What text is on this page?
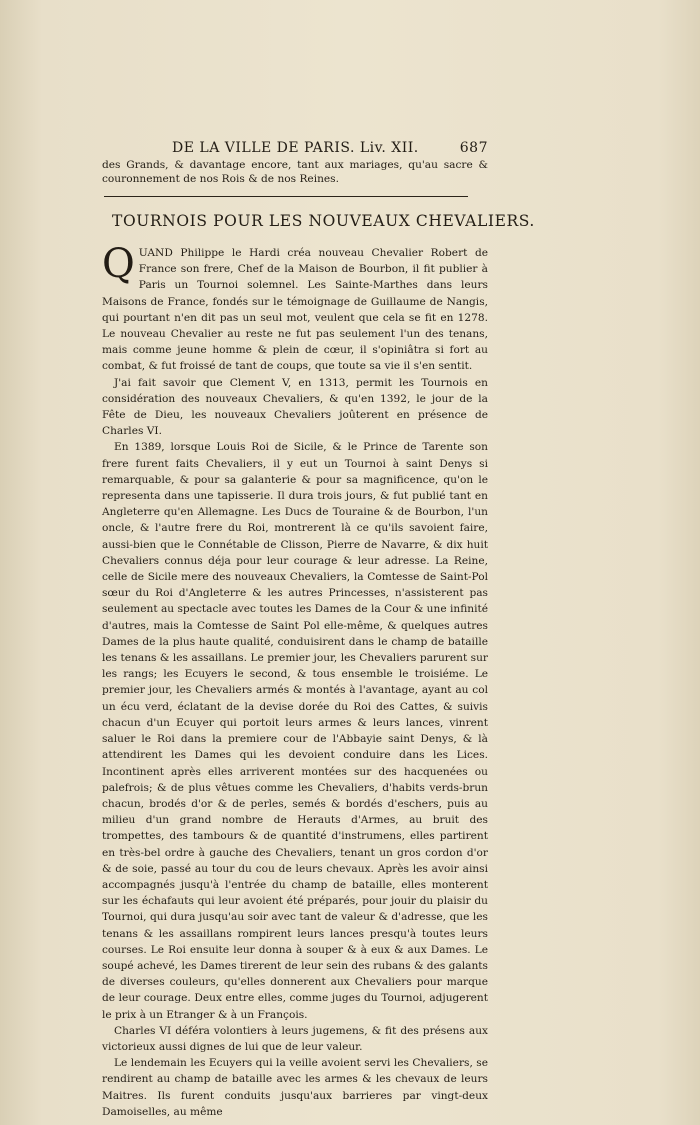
DE LA VILLE DE PARIS. Liv. XII.	687

des Grands, & davantage encore, tant aux mariages, qu'au sacre & couronnement de nos Rois & de nos Reines.

TOURNOIS POUR LES NOUVEAUX CHEVALIERS.

QUAND Philippe le Hardi créa nouveau Chevalier Robert de France son frere, Chef de la Maison de Bourbon, il fit publier à Paris un Tournoi solemnel. Les Sainte-Marthes dans leurs Maisons de France, fondés sur le témoignage de Guillaume de Nangis, qui pourtant n'en dit pas un seul mot, veulent que cela se fit en 1278. Le nouveau Chevalier au reste ne fut pas seulement l'un des tenans, mais comme jeune homme & plein de cœur, il s'opiniâtra si fort au combat, & fut froissé de tant de coups, que toute sa vie il s'en sentit.

J'ai fait savoir que Clement V, en 1313, permit les Tournois en considération des nouveaux Chevaliers, & qu'en 1392, le jour de la Fête de Dieu, les nouveaux Chevaliers joûterent en présence de Charles VI.

En 1389, lorsque Louis Roi de Sicile, & le Prince de Tarente son frere furent faits Chevaliers, il y eut un Tournoi à saint Denys si remarquable, & pour sa galanterie & pour sa magnificence, qu'on le representa dans une tapisserie. Il dura trois jours, & fut publié tant en Angleterre qu'en Allemagne. Les Ducs de Touraine & de Bourbon, l'un oncle, & l'autre frere du Roi, montrerent là ce qu'ils savoient faire, aussi-bien que le Connétable de Clisson, Pierre de Navarre, & dix huit Chevaliers connus déja pour leur courage & leur adresse. La Reine, celle de Sicile mere des nouveaux Chevaliers, la Comtesse de Saint-Pol sœur du Roi d'Angleterre & les autres Princesses, n'assisterent pas seulement au spectacle avec toutes les Dames de la Cour & une infinité d'autres, mais la Comtesse de Saint Pol elle-même, & quelques autres Dames de la plus haute qualité, conduisirent dans le champ de bataille les tenans & les assaillans. Le premier jour, les Chevaliers parurent sur les rangs; les Ecuyers le second, & tous ensemble le troisiéme. Le premier jour, les Chevaliers armés & montés à l'avantage, ayant au col un écu verd, éclatant de la devise dorée du Roi des Cattes, & suivis chacun d'un Ecuyer qui portoit leurs armes & leurs lances, vinrent saluer le Roi dans la premiere cour de l'Abbayie saint Denys, & là attendirent les Dames qui les devoient conduire dans les Lices. Incontinent après elles arriverent montées sur des hacquenées ou palefrois; & de plus vêtues comme les Chevaliers, d'habits verds-brun chacun, brodés d'or & de perles, semés & bordés d'eschers, puis au milieu d'un grand nombre de Herauts d'Armes, au bruit des trompettes, des tambours & de quantité d'instrumens, elles partirent en très-bel ordre à gauche des Chevaliers, tenant un gros cordon d'or & de soie, passé au tour du cou de leurs chevaux. Après les avoir ainsi accompagnés jusqu'à l'entrée du champ de bataille, elles monterent sur les échafauts qui leur avoient été préparés, pour jouir du plaisir du Tournoi, qui dura jusqu'au soir avec tant de valeur & d'adresse, que les tenans & les assaillans rompirent leurs lances presqu'à toutes leurs courses. Le Roi ensuite leur donna à souper & à eux & aux Dames. Le soupé achevé, les Dames tirerent de leur sein des rubans & des galants de diverses couleurs, qu'elles donnerent aux Chevaliers pour marque de leur courage. Deux entre elles, comme juges du Tournoi, adjugerent le prix à un Etranger & à un François.

Charles VI déféra volontiers à leurs jugemens, & fit des présens aux victorieux aussi dignes de lui que de leur valeur.

Le lendemain les Ecuyers qui la veille avoient servi les Chevaliers, se rendirent au champ de bataille avec les armes & les chevaux de leurs Maitres. Ils furent conduits jusqu'aux barrieres par vingt-deux Damoiselles, au même
